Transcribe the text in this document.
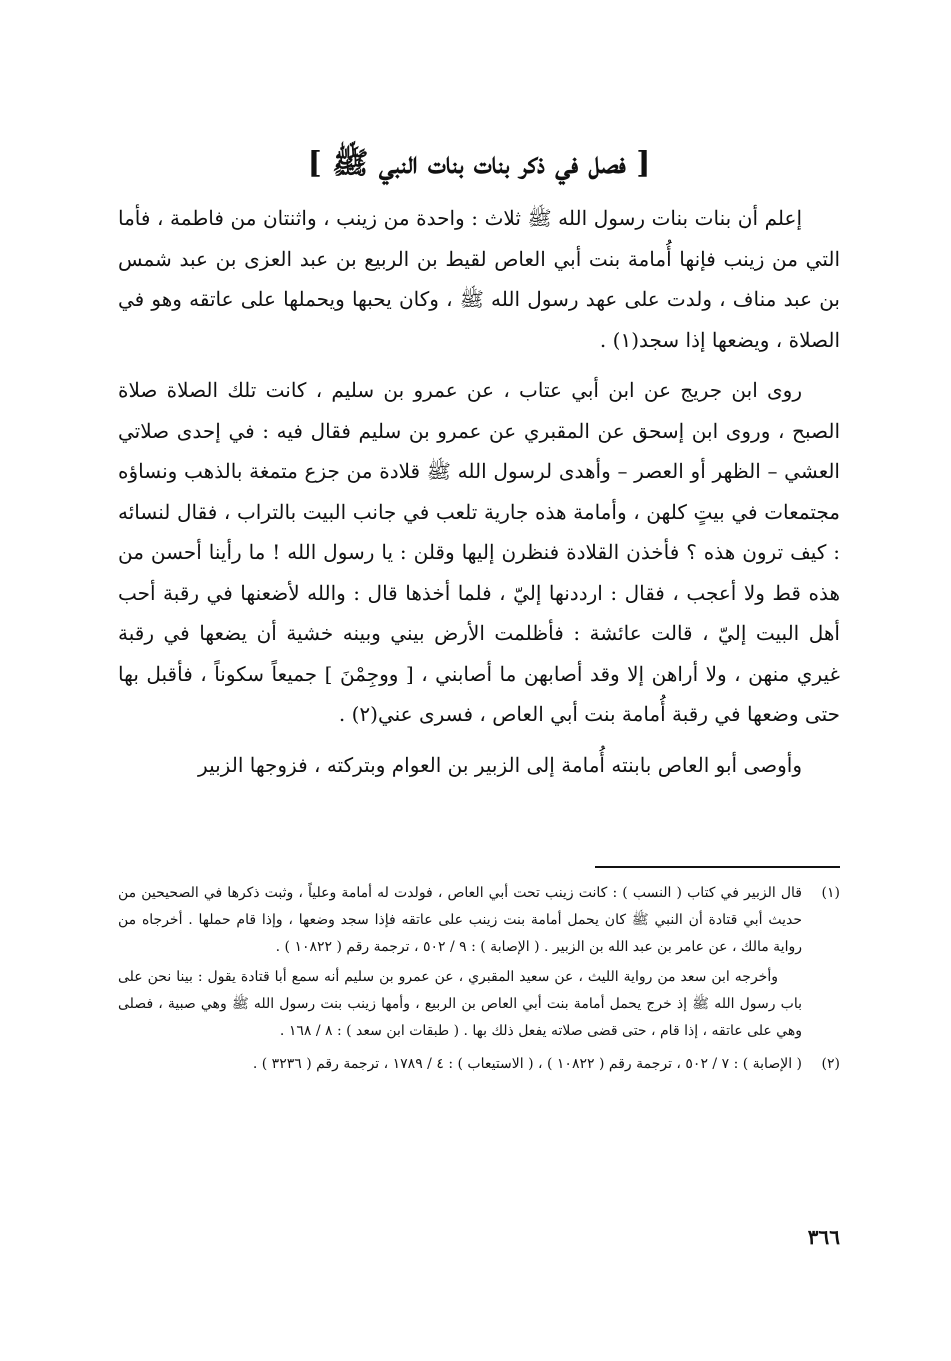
[ فصل في ذكر بنات بنات النبي ﷺ ]

إعلم أن بنات بنات رسول الله ﷺ ثلاث : واحدة من زينب ، واثنتان من فاطمة ، فأما التي من زينب فإنها أُمامة بنت أبي العاص لقيط بن الربيع بن عبد العزى بن عبد شمس بن عبد مناف ، ولدت على عهد رسول الله ﷺ ، وكان يحبها ويحملها على عاتقه وهو في الصلاة ، ويضعها إذا سجد(١) .

روى ابن جريج عن ابن أبي عتاب ، عن عمرو بن سليم ، كانت تلك الصلاة صلاة الصبح ، وروى ابن إسحق عن المقبري عن عمرو بن سليم فقال فيه : في إحدى صلاتي العشي – الظهر أو العصر – وأهدى لرسول الله ﷺ قلادة من جزع متمغة بالذهب ونساؤه مجتمعات في بيتٍ كلهن ، وأمامة هذه جارية تلعب في جانب البيت بالتراب ، فقال لنسائه : كيف ترون هذه ؟ فأخذن القلادة فنظرن إليها وقلن : يا رسول الله ! ما رأينا أحسن من هذه قط ولا أعجب ، فقال : ارددنها إليّ ، فلما أخذها قال : والله لأضعنها في رقبة أحب أهل البيت إليّ ، قالت عائشة : فأظلمت الأرض بيني وبينه خشية أن يضعها في رقبة غيري منهن ، ولا أراهن إلا وقد أصابهن ما أصابني ، [ ووجِمْنَ ] جميعاً سكوناً ، فأقبل بها حتى وضعها في رقبة أُمامة بنت أبي العاص ، فسرى عني(٢) .

وأوصى أبو العاص بابنته أُمامة إلى الزبير بن العوام وبتركته ، فزوجها الزبير

(١)

قال الزبير في كتاب ( النسب ) : كانت زينب تحت أبي العاص ، فولدت له أمامة وعلياً ، وثبت ذكرها في الصحيحين من حديث أبي قتادة أن النبي ﷺ كان يحمل أمامة بنت زينب على عاتقه فإذا سجد وضعها ، وإذا قام حملها . أخرجاه من رواية مالك ، عن عامر بن عبد الله بن الزبير . ( الإصابة ) : ٩ / ٥٠٢ ، ترجمة رقم ( ١٠٨٢٢ ) .

وأخرجه ابن سعد من رواية الليث ، عن سعيد المقبري ، عن عمرو بن سليم أنه سمع أبا قتادة يقول : بينا نحن على باب رسول الله ﷺ إذ خرج يحمل أمامة بنت أبي العاص بن الربيع ، وأمها زينب بنت رسول الله ﷺ وهي صبية ، فصلى وهي على عاتقه ، إذا قام ، حتى قضى صلاته يفعل ذلك بها . ( طبقات ابن سعد ) : ٨ / ١٦٨ .

(٢)

( الإصابة ) : ٧ / ٥٠٢ ، ترجمة رقم ( ١٠٨٢٢ ) ، ( الاستيعاب ) : ٤ / ١٧٨٩ ، ترجمة رقم ( ٣٢٣٦ ) .

٣٦٦
